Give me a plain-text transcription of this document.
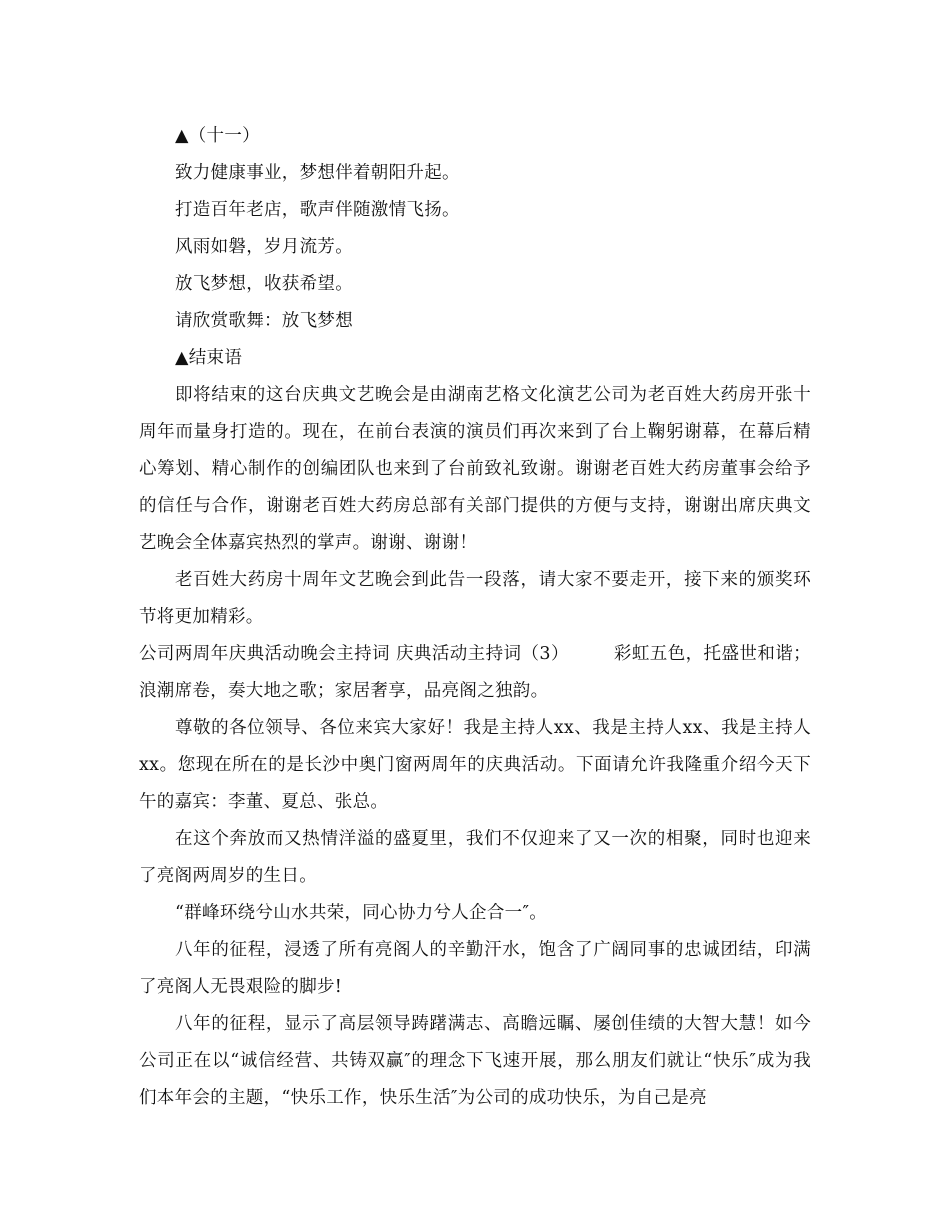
▲（十一）

致力健康事业，梦想伴着朝阳升起。

打造百年老店，歌声伴随激情飞扬。

风雨如磐，岁月流芳。

放飞梦想，收获希望。

请欣赏歌舞：放飞梦想

▲结束语

即将结束的这台庆典文艺晚会是由湖南艺格文化演艺公司为老百姓大药房开张十周年而量身打造的。现在，在前台表演的演员们再次来到了台上鞠躬谢幕，在幕后精心筹划、精心制作的创编团队也来到了台前致礼致谢。谢谢老百姓大药房董事会给予的信任与合作，谢谢老百姓大药房总部有关部门提供的方便与支持，谢谢出席庆典文艺晚会全体嘉宾热烈的掌声。谢谢、谢谢！

老百姓大药房十周年文艺晚会到此告一段落，请大家不要走开，接下来的颁奖环节将更加精彩。

公司两周年庆典活动晚会主持词 庆典活动主持词（3）　　　彩虹五色，托盛世和谐；浪潮席卷，奏大地之歌；家居奢享，品亮阁之独韵。

尊敬的各位领导、各位来宾大家好！我是主持人xx、我是主持人xx、我是主持人xx。您现在所在的是长沙中奥门窗两周年的庆典活动。下面请允许我隆重介绍今天下午的嘉宾：李董、夏总、张总。

在这个奔放而又热情洋溢的盛夏里，我们不仅迎来了又一次的相聚，同时也迎来了亮阁两周岁的生日。

“群峰环绕兮山水共荣，同心协力兮人企合一″。

八年的征程，浸透了所有亮阁人的辛勤汗水，饱含了广阔同事的忠诚团结，印满了亮阁人无畏艰险的脚步!

八年的征程，显示了高层领导踌躇满志、高瞻远瞩、屡创佳绩的大智大慧！如今公司正在以“诚信经营、共铸双赢″的理念下飞速开展，那么朋友们就让“快乐″成为我们本年会的主题，“快乐工作，快乐生活″为公司的成功快乐，为自己是亮
